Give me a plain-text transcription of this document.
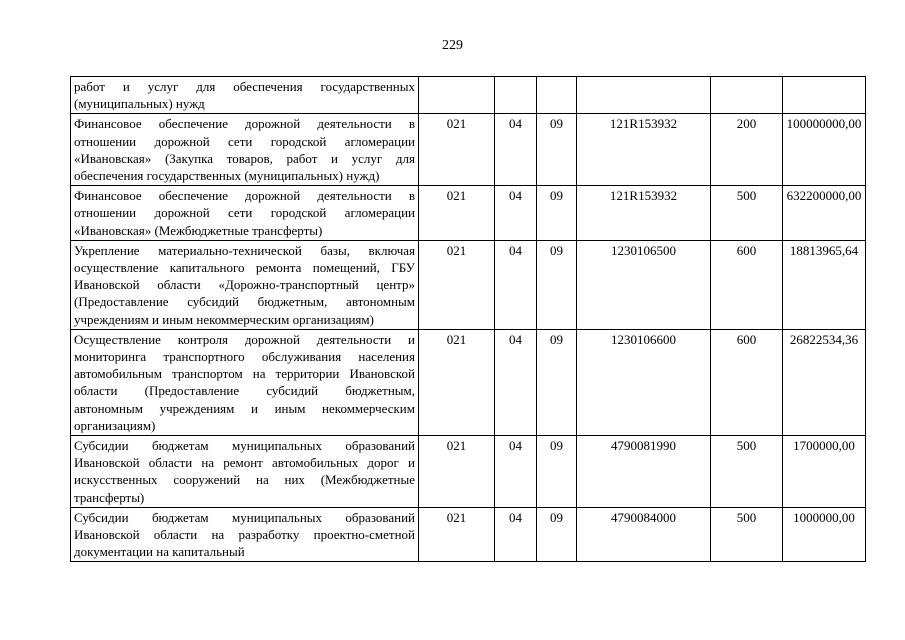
229
работ и услуг для обеспечения государственных (муниципальных) нужд						
Финансовое обеспечение дорожной деятельности в отношении дорожной сети городской агломерации «Ивановская» (Закупка товаров, работ и услуг для обеспечения государственных (муниципальных) нужд)	021	04	09	121R153932	200	100000000,00
Финансовое обеспечение дорожной деятельности в отношении дорожной сети городской агломерации «Ивановская» (Межбюджетные трансферты)	021	04	09	121R153932	500	632200000,00
Укрепление материально-технической базы, включая осуществление капитального ремонта помещений, ГБУ Ивановской области «Дорожно-транспортный центр» (Предоставление субсидий бюджетным, автономным учреждениям и иным некоммерческим организациям)	021	04	09	1230106500	600	18813965,64
Осуществление контроля дорожной деятельности и мониторинга транспортного обслуживания населения автомобильным транспортом на территории Ивановской области (Предоставление субсидий бюджетным, автономным учреждениям и иным некоммерческим организациям)	021	04	09	1230106600	600	26822534,36
Субсидии бюджетам муниципальных образований Ивановской области на ремонт автомобильных дорог и искусственных сооружений на них (Межбюджетные трансферты)	021	04	09	4790081990	500	1700000,00
Субсидии бюджетам муниципальных образований Ивановской области на разработку проектно-сметной документации на капитальный	021	04	09	4790084000	500	1000000,00
